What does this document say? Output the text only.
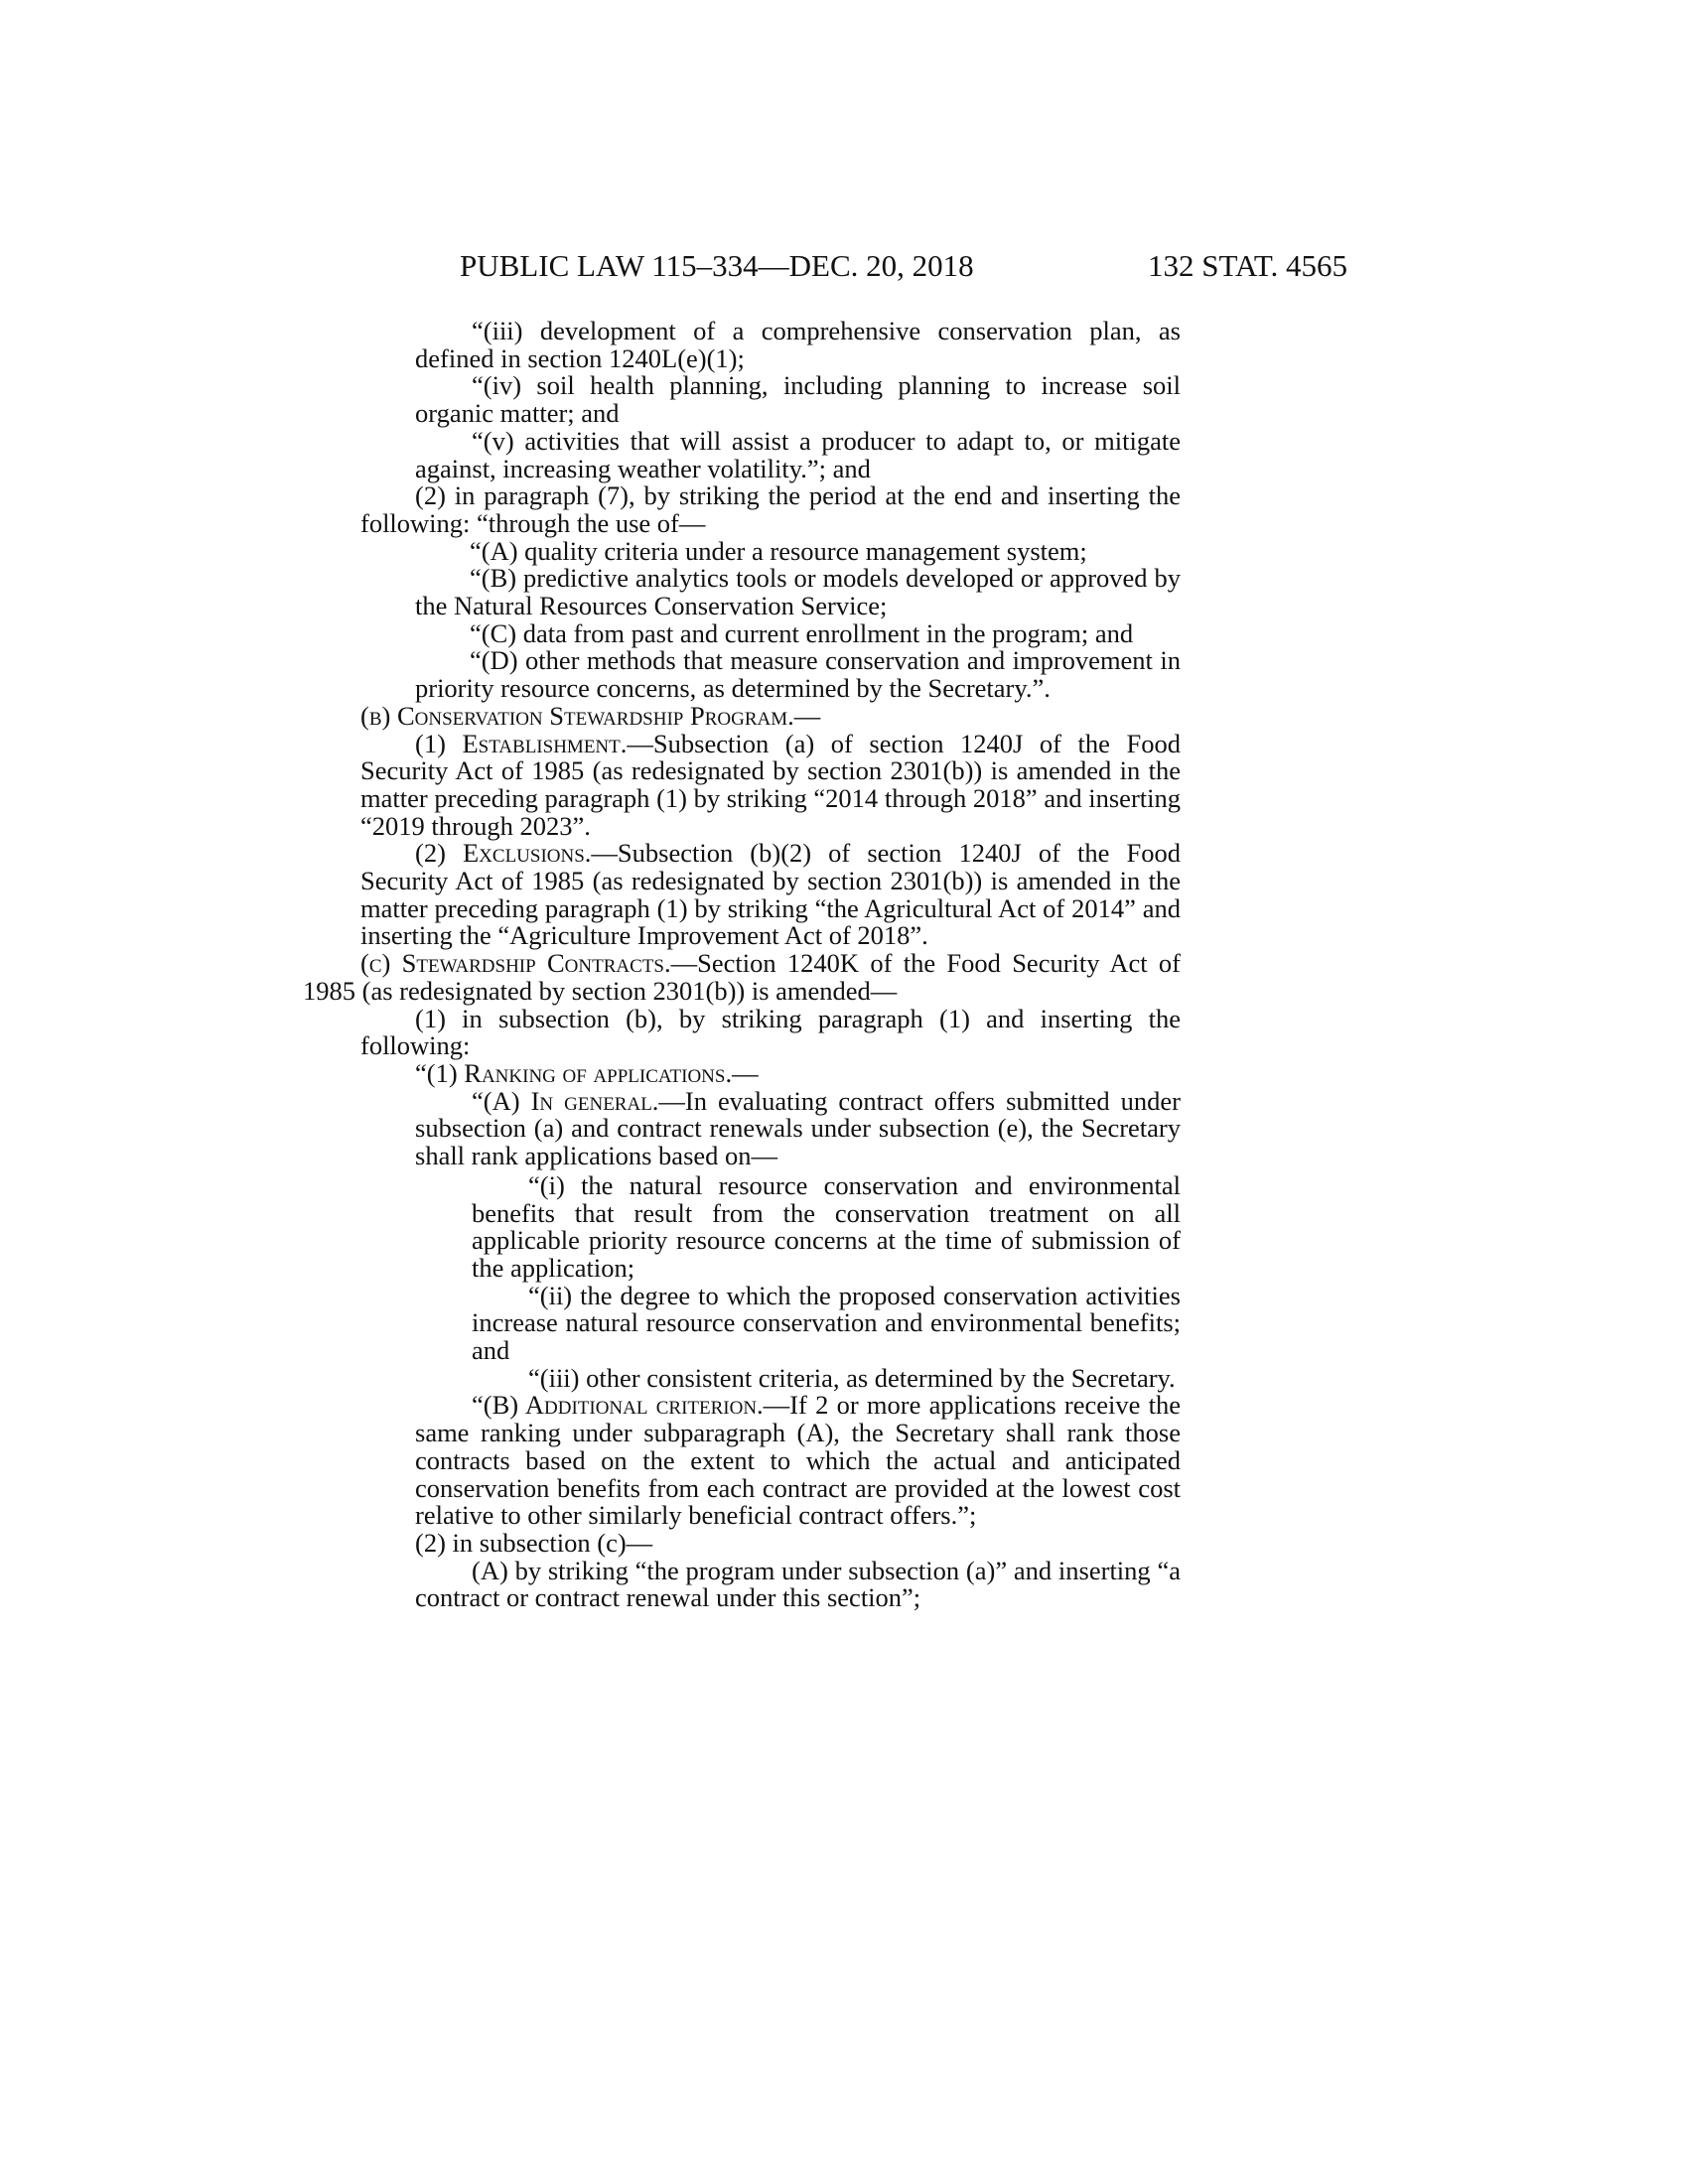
PUBLIC LAW 115–334—DEC. 20, 2018	132 STAT. 4565

“(iii) development of a comprehensive conservation plan, as defined in section 1240L(e)(1);

“(iv) soil health planning, including planning to increase soil organic matter; and

“(v) activities that will assist a producer to adapt to, or mitigate against, increasing weather volatility.”; and

(2) in paragraph (7), by striking the period at the end and inserting the following: “through the use of—

“(A) quality criteria under a resource management system;

“(B) predictive analytics tools or models developed or approved by the Natural Resources Conservation Service;

“(C) data from past and current enrollment in the program; and

“(D) other methods that measure conservation and improvement in priority resource concerns, as determined by the Secretary.”.

(b) Conservation Stewardship Program.—

(1) Establishment.—Subsection (a) of section 1240J of the Food Security Act of 1985 (as redesignated by section 2301(b)) is amended in the matter preceding paragraph (1) by striking “2014 through 2018” and inserting “2019 through 2023”.

(2) Exclusions.—Subsection (b)(2) of section 1240J of the Food Security Act of 1985 (as redesignated by section 2301(b)) is amended in the matter preceding paragraph (1) by striking “the Agricultural Act of 2014” and inserting the “Agriculture Improvement Act of 2018”.

(c) Stewardship Contracts.—Section 1240K of the Food Security Act of 1985 (as redesignated by section 2301(b)) is amended—

(1) in subsection (b), by striking paragraph (1) and inserting the following:

“(1) Ranking of applications.—

“(A) In general.—In evaluating contract offers submitted under subsection (a) and contract renewals under subsection (e), the Secretary shall rank applications based on—

“(i) the natural resource conservation and environmental benefits that result from the conservation treatment on all applicable priority resource concerns at the time of submission of the application;

“(ii) the degree to which the proposed conservation activities increase natural resource conservation and environmental benefits; and

“(iii) other consistent criteria, as determined by the Secretary.

“(B) Additional criterion.—If 2 or more applications receive the same ranking under subparagraph (A), the Secretary shall rank those contracts based on the extent to which the actual and anticipated conservation benefits from each contract are provided at the lowest cost relative to other similarly beneficial contract offers.”;

(2) in subsection (c)—

(A) by striking “the program under subsection (a)” and inserting “a contract or contract renewal under this section”;
